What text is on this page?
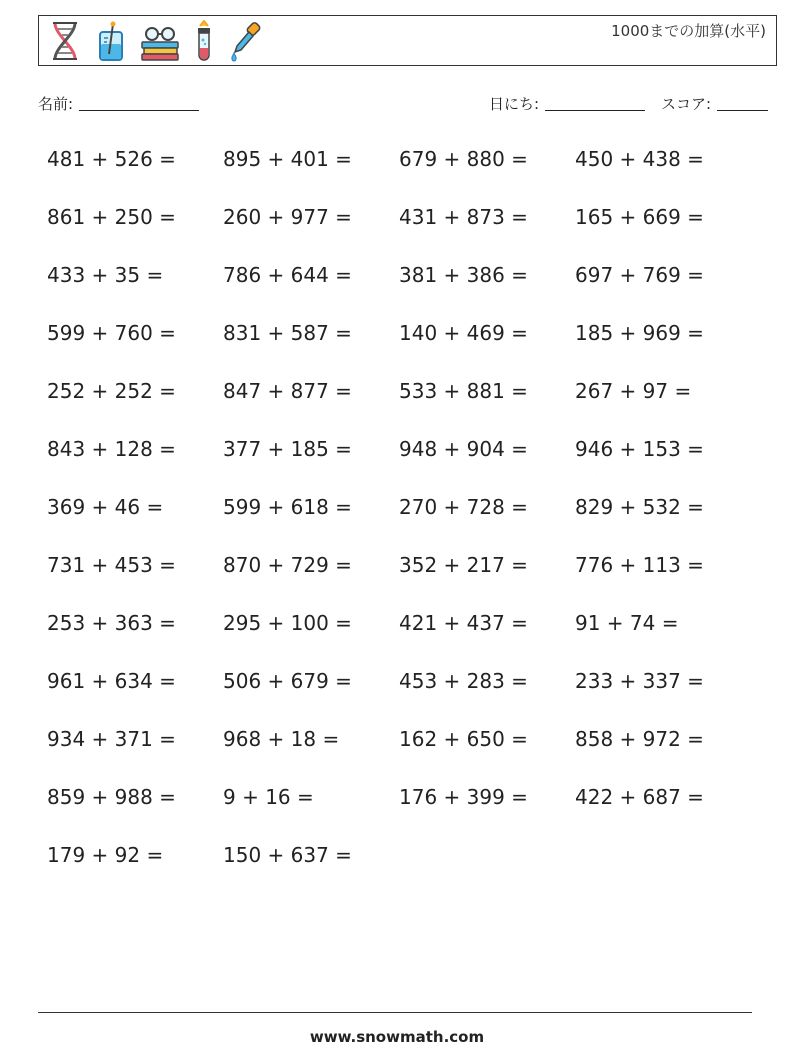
1000までの加算(水平)
名前:	日にち:	スコア:
481 + 526 =	895 + 401 =	679 + 880 =	450 + 438 =
861 + 250 =	260 + 977 =	431 + 873 =	165 + 669 =
433 + 35 =	786 + 644 =	381 + 386 =	697 + 769 =
599 + 760 =	831 + 587 =	140 + 469 =	185 + 969 =
252 + 252 =	847 + 877 =	533 + 881 =	267 + 97 =
843 + 128 =	377 + 185 =	948 + 904 =	946 + 153 =
369 + 46 =	599 + 618 =	270 + 728 =	829 + 532 =
731 + 453 =	870 + 729 =	352 + 217 =	776 + 113 =
253 + 363 =	295 + 100 =	421 + 437 =	91 + 74 =
961 + 634 =	506 + 679 =	453 + 283 =	233 + 337 =
934 + 371 =	968 + 18 =	162 + 650 =	858 + 972 =
859 + 988 =	9 + 16 =	176 + 399 =	422 + 687 =
179 + 92 =	150 + 637 =
www.snowmath.com
